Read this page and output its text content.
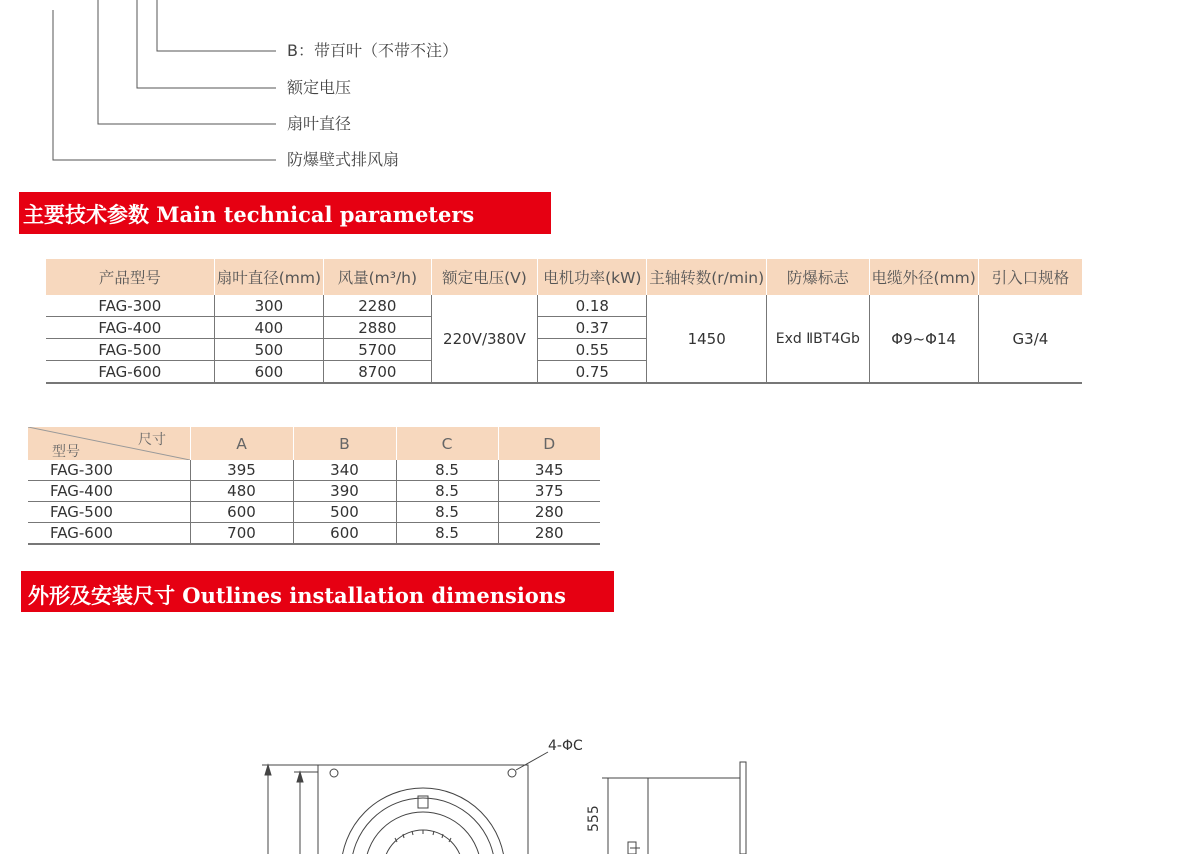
B：带百叶（不带不注）
额定电压
扇叶直径
防爆壁式排风扇
主要技术参数 Main technical parameters
产品型号	扇叶直径(mm)	风量(m³/h)	额定电压(V)	电机功率(kW)	主轴转数(r/min)	防爆标志	电缆外径(mm)	引入口规格
FAG-300	300	2280	220V/380V	0.18	1450	Exd ⅡBT4Gb	Φ9~Φ14	G3/4
FAG-400	400	2880		0.37				
FAG-500	500	5700		0.55				
FAG-600	600	8700		0.75				
尺寸
型号	A	B	C	D
FAG-300	395	340	8.5	345
FAG-400	480	390	8.5	375
FAG-500	600	500	8.5	280
FAG-600	700	600	8.5	280
外形及安装尺寸 Outlines installation dimensions
4-ΦC
555
